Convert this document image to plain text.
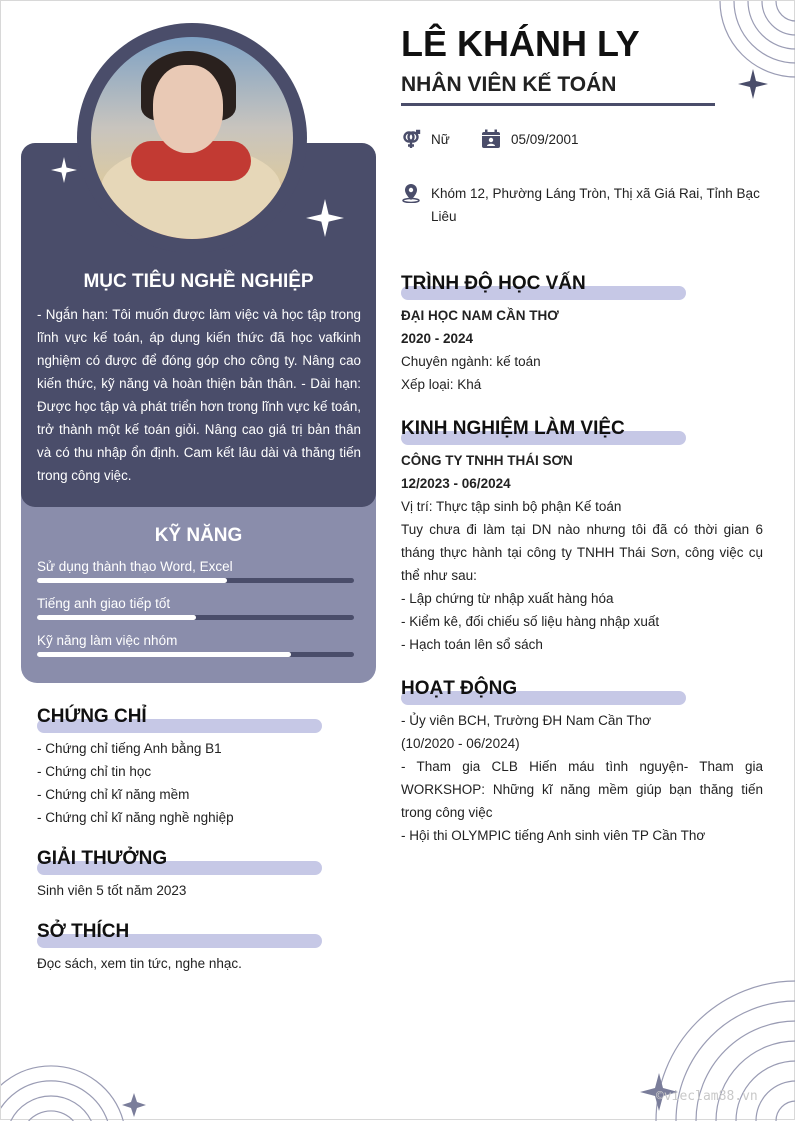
MỤC TIÊU NGHỀ NGHIỆP
- Ngắn hạn: Tôi muốn được làm việc và học tập trong lĩnh vực kế toán, áp dụng kiến thức đã học vafkinh nghiệm có được để đóng góp cho công ty. Nâng cao kiến thức, kỹ năng và hoàn thiện bản thân. - Dài hạn: Được học tập và phát triển hơn trong lĩnh vực kế toán, trở thành một kế toán giỏi. Nâng cao giá trị bản thân và có thu nhập ổn định. Cam kết lâu dài và thăng tiến trong công việc.
KỸ NĂNG
Sử dụng thành thạo Word, Excel
Tiếng anh giao tiếp tốt
Kỹ năng làm việc nhóm
CHỨNG CHỈ
- Chứng chỉ tiếng Anh bằng B1
- Chứng chỉ tin học
- Chứng chỉ kĩ năng mềm
- Chứng chỉ kĩ năng nghề nghiệp
GIẢI THƯỞNG
Sinh viên 5 tốt năm 2023
SỞ THÍCH
Đọc sách, xem tin tức, nghe nhạc.
LÊ KHÁNH LY
NHÂN VIÊN KẾ TOÁN
Nữ	05/09/2001
Khóm 12, Phường Láng Tròn, Thị xã Giá Rai, Tỉnh Bạc Liêu
TRÌNH ĐỘ HỌC VẤN
ĐẠI HỌC NAM CẦN THƠ
2020 - 2024
Chuyên ngành: kế toán
Xếp loại: Khá
KINH NGHIỆM LÀM VIỆC
CÔNG TY TNHH THÁI SƠN
12/2023 - 06/2024
Vị trí: Thực tập sinh bộ phận Kế toán
Tuy chưa đi làm tại DN nào nhưng tôi đã có thời gian 6 tháng thực hành tại công ty TNHH Thái Sơn, công việc cụ thể như sau:
- Lập chứng từ nhập xuất hàng hóa
- Kiểm kê, đối chiếu số liệu hàng nhập xuất
- Hạch toán lên sổ sách
HOẠT ĐỘNG
- Ủy viên BCH, Trường ĐH Nam Cần Thơ
(10/2020 - 06/2024)
- Tham gia CLB Hiến máu tình nguyện- Tham gia WORKSHOP: Những kĩ năng mềm giúp bạn thăng tiến trong công việc
- Hội thi OLYMPIC tiếng Anh sinh viên TP Cần Thơ
©vieclam88.vn
